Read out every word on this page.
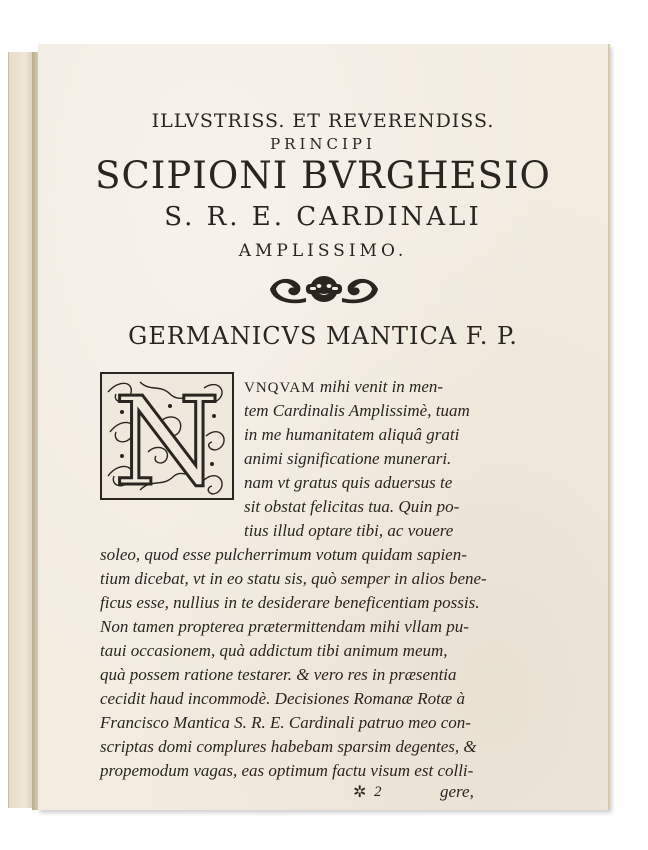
ILLVSTRISS. ET REVERENDISS.
PRINCIPI
SCIPIONI BVRGHESIO
S. R. E. CARDINALI
AMPLISSIMO.
GERMANICVS MANTICA F. P.
N VNQVAM mihi venit in men-
tem Cardinalis Amplissimè, tuam
in me humanitatem aliquâ grati
animi significatione munerari.
nam vt gratus quis aduersus te
sit obstat felicitas tua. Quin po-
tius illud optare tibi, ac vouere
soleo, quod esse pulcherrimum votum quidam sapien-
tium dicebat, vt in eo statu sis, quò semper in alios bene-
ficus esse, nullius in te desiderare beneficentiam possis.
Non tamen propterea prætermittendam mihi vllam pu-
taui occasionem, quà addictum tibi animum meum,
quà possem ratione testarer. & vero res in præsentia
cecidit haud incommodè. Decisiones Romanæ Rotæ à
Francisco Mantica S. R. E. Cardinali patruo meo con-
scriptas domi complures habebam sparsim degentes, &
propemodum vagas, eas optimum factu visum est colli-
✲ 2	gere,
